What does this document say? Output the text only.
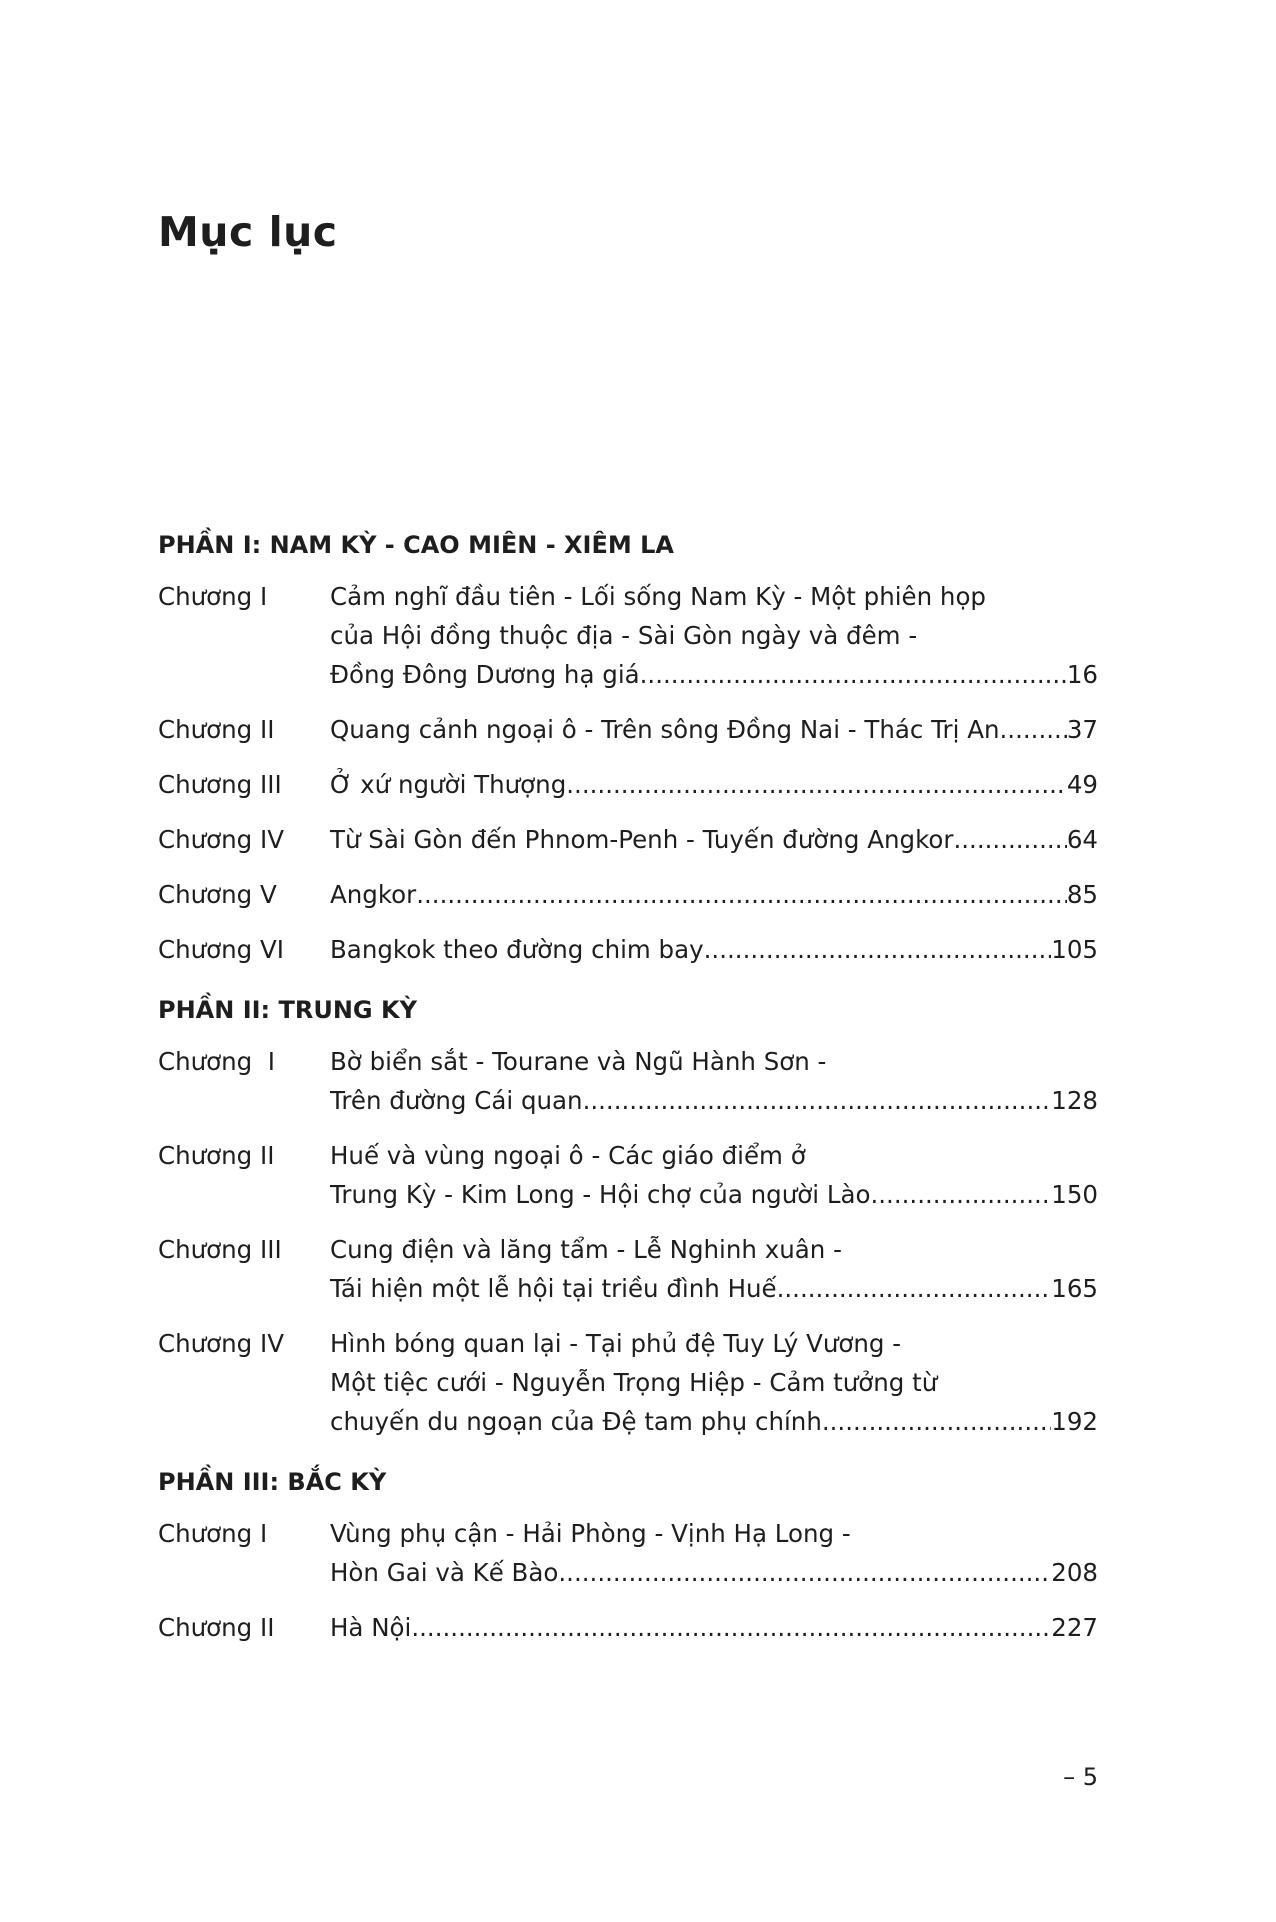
Mục lục
PHẦN I: NAM KỲ - CAO MIÊN - XIÊM LA
Chương I	Cảm nghĩ đầu tiên - Lối sống Nam Kỳ - Một phiên họp
của Hội đồng thuộc địa - Sài Gòn ngày và đêm -
Đồng Đông Dương hạ giá .....	16
Chương II	Quang cảnh ngoại ô - Trên sông Đồng Nai - Thác Trị An .....	37
Chương III	Ở xứ người Thượng .....	49
Chương IV	Từ Sài Gòn đến Phnom-Penh - Tuyến đường Angkor .....	64
Chương V	Angkor .....	85
Chương VI	Bangkok theo đường chim bay .....	105
PHẦN II: TRUNG KỲ
Chương  I	Bờ biển sắt - Tourane và Ngũ Hành Sơn -
Trên đường Cái quan .....	128
Chương II	Huế và vùng ngoại ô - Các giáo điểm ở
Trung Kỳ - Kim Long - Hội chợ của người Lào .....	150
Chương III	Cung điện và lăng tẩm - Lễ Nghinh xuân -
Tái hiện một lễ hội tại triều đình Huế .....	165
Chương IV	Hình bóng quan lại - Tại phủ đệ Tuy Lý Vương -
Một tiệc cưới - Nguyễn Trọng Hiệp - Cảm tưởng từ
chuyến du ngoạn của Đệ tam phụ chính .....	192
PHẦN III: BẮC KỲ
Chương I	Vùng phụ cận - Hải Phòng - Vịnh Hạ Long -
Hòn Gai và Kế Bào .....	208
Chương II	Hà Nội .....	227
– 5
